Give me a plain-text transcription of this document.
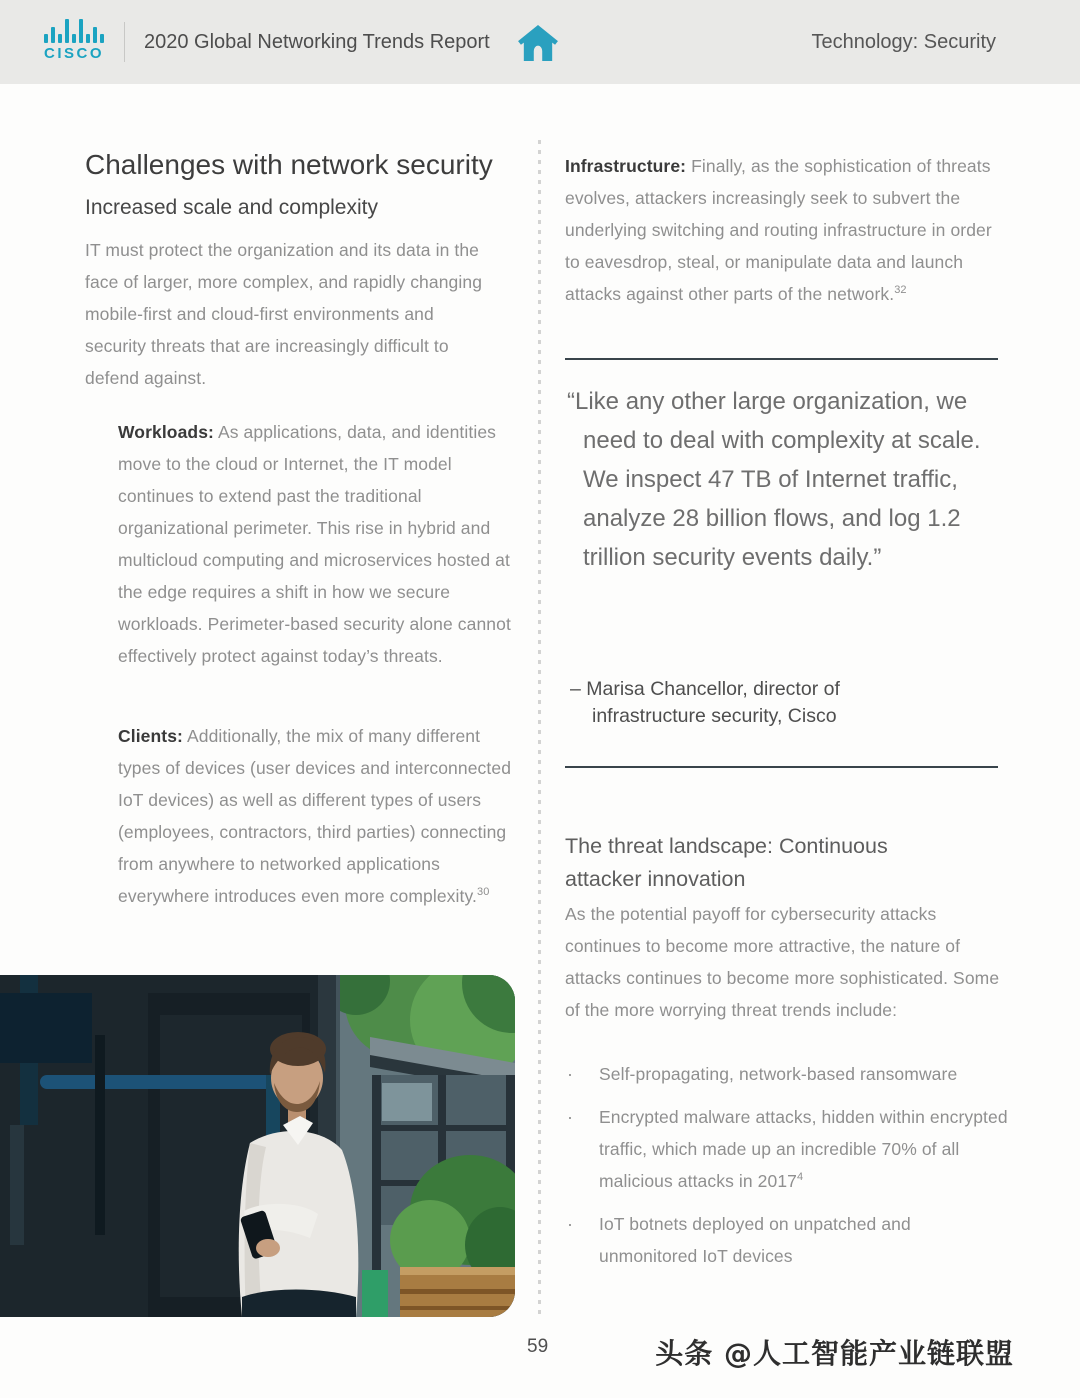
CISCO
2020 Global Networking Trends Report	Technology: Security
Challenges with network security
Increased scale and complexity

IT must protect the organization and its data in the face of larger, more complex, and rapidly changing mobile-first and cloud-first environments and security threats that are increasingly difficult to defend against.

Workloads: As applications, data, and identities move to the cloud or Internet, the IT model continues to extend past the traditional organizational perimeter. This rise in hybrid and multicloud computing and microservices hosted at the edge requires a shift in how we secure workloads. Perimeter-based security alone cannot effectively protect against today’s threats.

Clients: Additionally, the mix of many different types of devices (user devices and interconnected IoT devices) as well as different types of users (employees, contractors, third parties) connecting from anywhere to networked applications everywhere introduces even more complexity.$^{30}$

Infrastructure: Finally, as the sophistication of threats evolves, attackers increasingly seek to subvert the underlying switching and routing infrastructure in order to eavesdrop, steal, or manipulate data and launch attacks against other parts of the network.$^{32}$

“Like any other large organization, we need to deal with complexity at scale. We inspect 47 TB of Internet traffic, analyze 28 billion flows, and log 1.2 trillion security events daily.”
– Marisa Chancellor, director of
infrastructure security, Cisco
The threat landscape: Continuous attacker innovation

As the potential payoff for cybersecurity attacks continues to become more attractive, the nature of attacks continues to become more sophisticated. Some of the more worrying threat trends include:

·	Self-propagating, network-based ransomware
·	Encrypted malware attacks, hidden within encrypted traffic, which made up an incredible 70% of all malicious attacks in $2017^4$
·	IoT botnets deployed on unpatched and unmonitored IoT devices
59	头条 @人工智能产业链联盟
